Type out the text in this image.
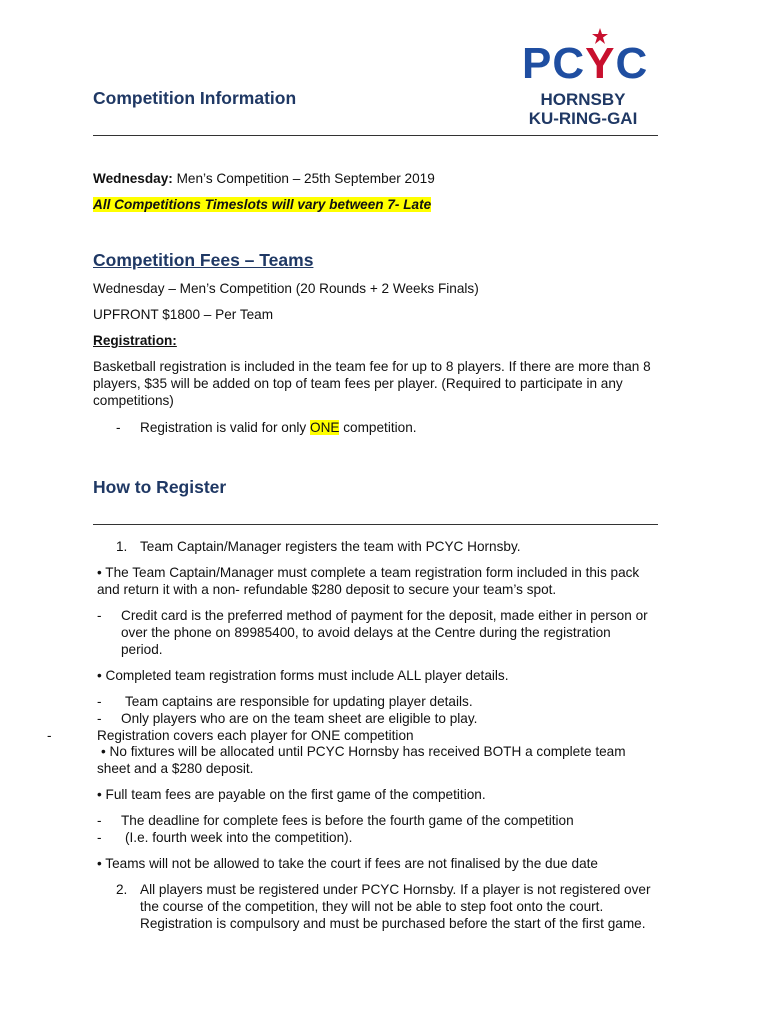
PCYC
HORNSBY
KU-RING-GAI
Competition Information
Wednesday: Men’s Competition – 25th September 2019
All Competitions Timeslots will vary between 7- Late
Competition Fees – Teams
Wednesday – Men’s Competition (20 Rounds + 2 Weeks Finals)
UPFRONT $1800 – Per Team
Registration:
Basketball registration is included in the team fee for up to 8 players. If there are more than 8
players, $35 will be added on top of team fees per player. (Required to participate in any
competitions)
- Registration is valid for only ONE competition.
How to Register
1. Team Captain/Manager registers the team with PCYC Hornsby.
• The Team Captain/Manager must complete a team registration form included in this pack
and return it with a non- refundable $280 deposit to secure your team’s spot.
- Credit card is the preferred method of payment for the deposit, made either in person or
over the phone on 89985400, to avoid delays at the Centre during the registration
period.
• Completed team registration forms must include ALL player details.
- Team captains are responsible for updating player details.
- Only players who are on the team sheet are eligible to play.
-	Registration covers each player for ONE competition
• No fixtures will be allocated until PCYC Hornsby has received BOTH a complete team
sheet and a $280 deposit.
• Full team fees are payable on the first game of the competition.
- The deadline for complete fees is before the fourth game of the competition
- (I.e. fourth week into the competition).
• Teams will not be allowed to take the court if fees are not finalised by the due date
2. All players must be registered under PCYC Hornsby. If a player is not registered over
the course of the competition, they will not be able to step foot onto the court.
Registration is compulsory and must be purchased before the start of the first game.
